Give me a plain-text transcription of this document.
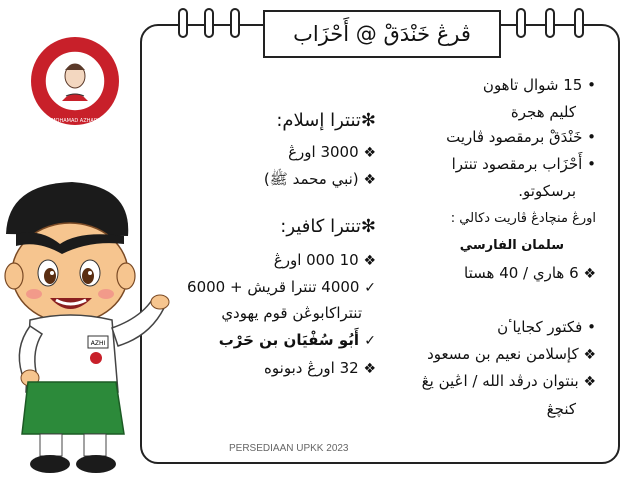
MOHAMAD AZHARI
ڤرڠ خَنْدَقْ @ أَحْزَاب
✻تنترا إسلام:
❖ 3000 اورڠ
❖ (نبي محمد ﷺ)
✻تنترا كافير:
❖ 10 000 اورڠ
✓ 4000 تنترا قريش + 6000
تنتراكابوڠن قوم يهودي
✓ أَبُو سُفْيَان بن حَرْب
❖ 32 اورڠ دبونوه
• 15 شوال تاهون
كليم هجرة
• خَنْدَقْ برمقصود ڤاريت
• أَحْزَاب برمقصود تنترا
برسكوتو.
اورڠ منچادڠ ڤاريت دکالي :
سلمان الفارسي
❖ 6 هاري / 40 هستا
• فكتور كجاياٴن
❖ كإسلامن نعيم بن مسعود
❖ بنتوان درڤد الله / اڠين يڠ
كنچڠ
PERSEDIAAN UPKK 2023
AZHI
